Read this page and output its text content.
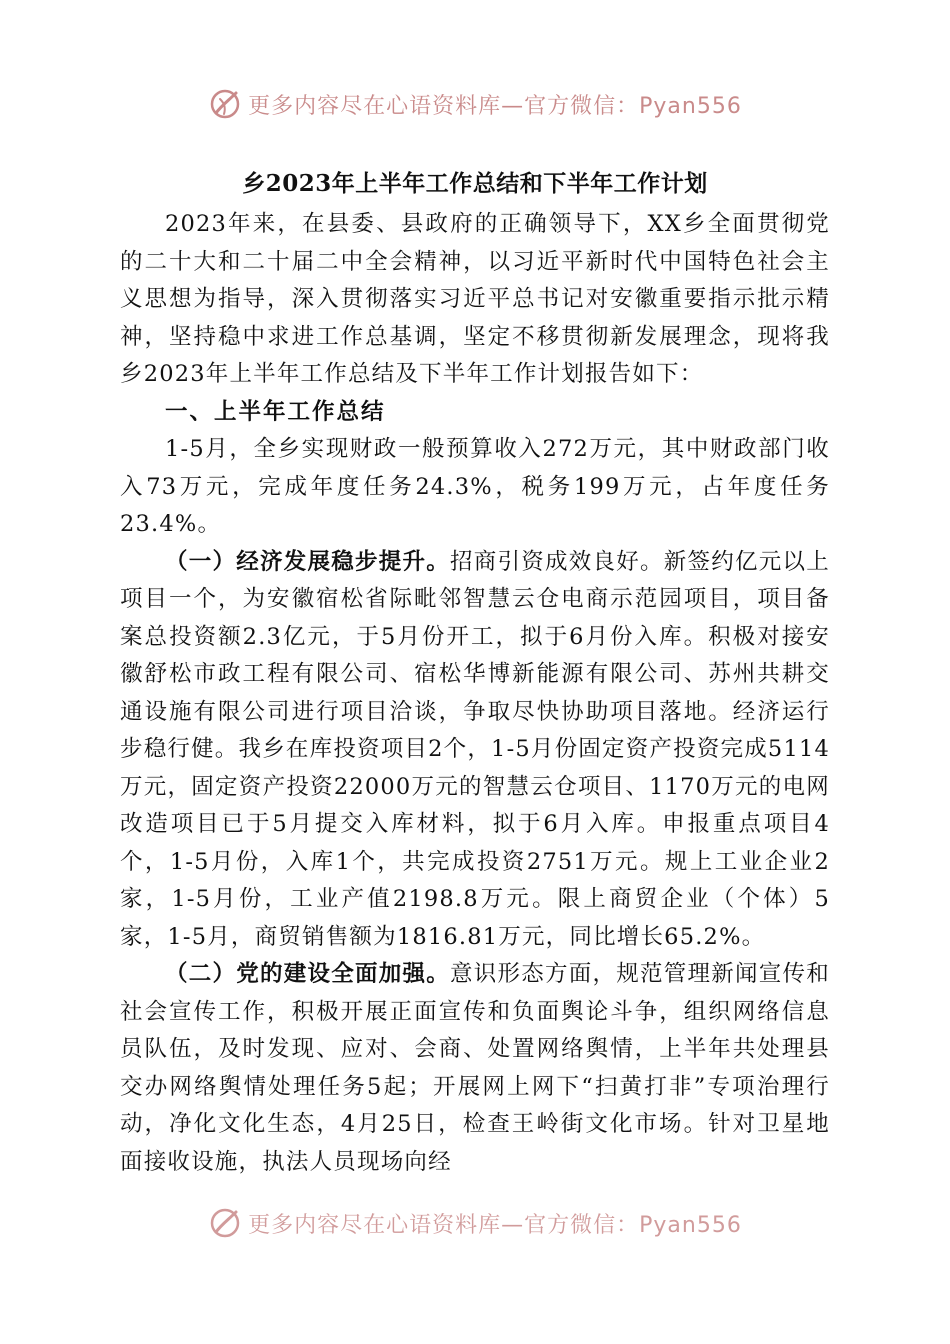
更多内容尽在心语资料库—官方微信：Pyan556
乡2023年上半年工作总结和下半年工作计划

2023年来，在县委、县政府的正确领导下，XX乡全面贯彻党的二十大和二十届二中全会精神，以习近平新时代中国特色社会主义思想为指导，深入贯彻落实习近平总书记对安徽重要指示批示精神，坚持稳中求进工作总基调，坚定不移贯彻新发展理念，现将我乡2023年上半年工作总结及下半年工作计划报告如下：

一、上半年工作总结

1-5月，全乡实现财政一般预算收入272万元，其中财政部门收入73万元，完成年度任务24.3%，税务199万元，占年度任务23.4%。

（一）经济发展稳步提升。招商引资成效良好。新签约亿元以上项目一个，为安徽宿松省际毗邻智慧云仓电商示范园项目，项目备案总投资额2.3亿元，于5月份开工，拟于6月份入库。积极对接安徽舒松市政工程有限公司、宿松华博新能源有限公司、苏州共耕交通设施有限公司进行项目洽谈，争取尽快协助项目落地。经济运行步稳行健。我乡在库投资项目2个，1-5月份固定资产投资完成5114万元，固定资产投资22000万元的智慧云仓项目、1170万元的电网改造项目已于5月提交入库材料，拟于6月入库。申报重点项目4个，1-5月份，入库1个，共完成投资2751万元。规上工业企业2家，1-5月份，工业产值2198.8万元。限上商贸企业（个体）5家，1-5月，商贸销售额为1816.81万元，同比增长65.2%。

（二）党的建设全面加强。意识形态方面，规范管理新闻宣传和社会宣传工作，积极开展正面宣传和负面舆论斗争，组织网络信息员队伍，及时发现、应对、会商、处置网络舆情，上半年共处理县交办网络舆情处理任务5起；开展网上网下“扫黄打非”专项治理行动，净化文化生态，4月25日，检查王岭街文化市场。针对卫星地面接收设施，执法人员现场向经

更多内容尽在心语资料库—官方微信：Pyan556
